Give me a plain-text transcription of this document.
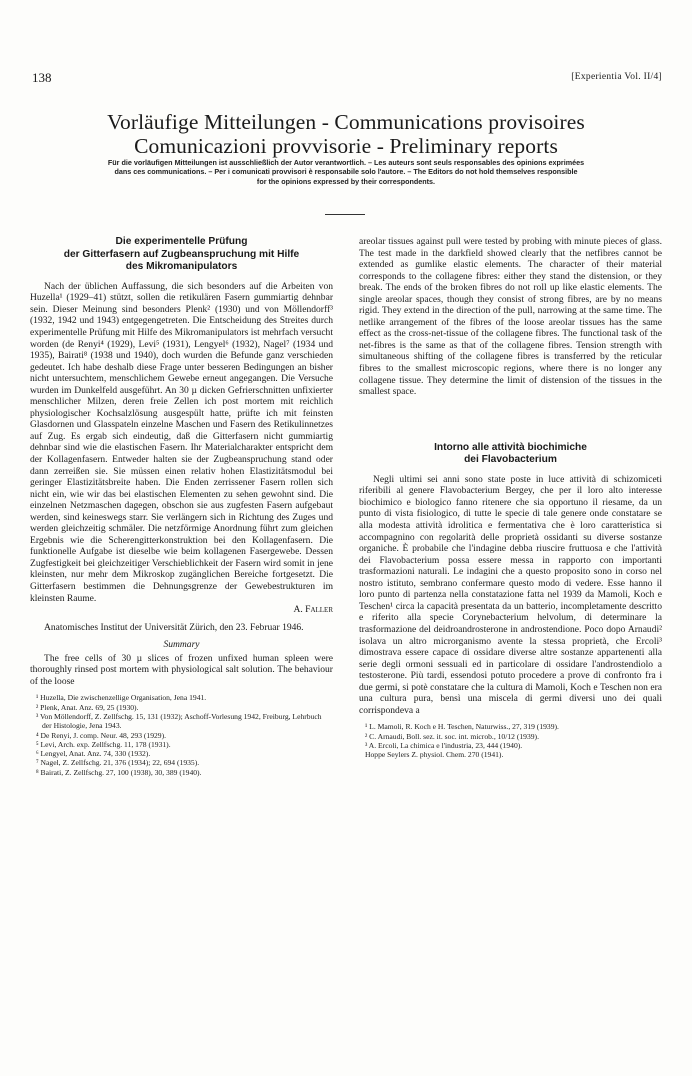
138	[Experientia Vol. II/4]
Vorläufige Mitteilungen - Communications provisoires
Comunicazioni provvisorie - Preliminary reports
Für die vorläufigen Mitteilungen ist ausschließlich der Autor verantwortlich. – Les auteurs sont seuls responsables des opinions exprimées
dans ces communications. – Per i comunicati provvisori è responsabile solo l'autore. – The Editors do not hold themselves responsible
for the opinions expressed by their correspondents.
Die experimentelle Prüfung
der Gitterfasern auf Zugbeanspruchung mit Hilfe
des Mikromanipulators

Nach der üblichen Auffassung, die sich besonders auf die Arbeiten von Huzella¹ (1929–41) stützt, sollen die retikulären Fasern gummiartig dehnbar sein. Dieser Meinung sind besonders Plenk² (1930) und von Möllendorff³ (1932, 1942 und 1943) entgegengetreten. Die Entscheidung des Streites durch experimentelle Prüfung mit Hilfe des Mikromanipulators ist mehrfach versucht worden (de Renyi⁴ (1929), Levi⁵ (1931), Lengyel⁶ (1932), Nagel⁷ (1934 und 1935), Bairati⁸ (1938 und 1940), doch wurden die Befunde ganz verschieden gedeutet. Ich habe deshalb diese Frage unter besseren Bedingungen an bisher nicht untersuchtem, menschlichem Gewebe erneut angegangen. Die Versuche wurden im Dunkelfeld ausgeführt. An 30 µ dicken Gefrierschnitten unfixierter menschlicher Milzen, deren freie Zellen ich post mortem mit reichlich physiologischer Kochsalzlösung ausgespült hatte, prüfte ich mit feinsten Glasdornen und Glasspateln einzelne Maschen und Fasern des Retikulinnetzes auf Zug. Es ergab sich eindeutig, daß die Gitterfasern nicht gummiartig dehnbar sind wie die elastischen Fasern. Ihr Materialcharakter entspricht dem der Kollagenfasern. Entweder halten sie der Zugbeanspruchung stand oder dann zerreißen sie. Sie müssen einen relativ hohen Elastizitätsmodul bei geringer Elastizitätsbreite haben. Die Enden zerrissener Fasern rollen sich nicht ein, wie wir das bei elastischen Elementen zu sehen gewohnt sind. Die einzelnen Netzmaschen dagegen, obschon sie aus zugfesten Fasern aufgebaut werden, sind keineswegs starr. Sie verlängern sich in Richtung des Zuges und werden gleichzeitig schmäler. Die netzförmige Anordnung führt zum gleichen Ergebnis wie die Scherengitterkonstruktion bei den Kollagenfasern. Die funktionelle Aufgabe ist dieselbe wie beim kollagenen Fasergewebe. Dessen Zugfestigkeit bei gleichzeitiger Verschieblichkeit der Fasern wird somit in jene kleinsten, nur mehr dem Mikroskop zugänglichen Bereiche fortgesetzt. Die Gitterfasern bestimmen die Dehnungsgrenze der Gewebestrukturen im kleinsten Raume.

A. Faller

Anatomisches Institut der Universität Zürich, den 23. Februar 1946.

Summary

The free cells of 30 µ slices of frozen unfixed human spleen were thoroughly rinsed post mortem with physiological salt solution. The behaviour of the loose

¹ Huzella, Die zwischenzellige Organisation, Jena 1941.
² Plenk, Anat. Anz. 69, 25 (1930).
³ Von Möllendorff, Z. Zellfschg. 15, 131 (1932); Aschoff-Vorlesung 1942, Freiburg, Lehrbuch der Histologie, Jena 1943.
⁴ De Renyi, J. comp. Neur. 48, 293 (1929).
⁵ Levi, Arch. exp. Zellfschg. 11, 178 (1931).
⁶ Lengyel, Anat. Anz. 74, 330 (1932).
⁷ Nagel, Z. Zellfschg. 21, 376 (1934); 22, 694 (1935).
⁸ Bairati, Z. Zellfschg. 27, 100 (1938), 30, 389 (1940).

areolar tissues against pull were tested by probing with minute pieces of glass. The test made in the darkfield showed clearly that the netfibres cannot be extended as gumlike elastic elements. The character of their material corresponds to the collagene fibres: either they stand the distension, or they break. The ends of the broken fibres do not roll up like elastic elements. The single areolar spaces, though they consist of strong fibres, are by no means rigid. They extend in the direction of the pull, narrowing at the same time. The netlike arrangement of the fibres of the loose areolar tissues has the same effect as the cross-net-tissue of the collagene fibres. The functional task of the net-fibres is the same as that of the collagene fibres. Tension strength with simultaneous shifting of the collagene fibres is transferred by the reticular fibres to the smallest microscopic regions, where there is no longer any collagene tissue. They determine the limit of distension of the tissues in the smallest space.

Intorno alle attività biochimiche
dei Flavobacterium

Negli ultimi sei anni sono state poste in luce attività di schizomiceti riferibili al genere Flavobacterium Bergey, che per il loro alto interesse biochimico e biologico fanno ritenere che sia opportuno il riesame, da un punto di vista fisiologico, di tutte le specie di tale genere onde constatare se alla modesta attività idrolitica e fermentativa che è loro caratteristica si accompagnino con regolarità delle proprietà ossidanti su diverse sostanze organiche. È probabile che l'indagine debba riuscire fruttuosa e che l'attività dei Flavobacterium possa essere messa in rapporto con importanti trasformazioni naturali. Le indagini che a questo proposito sono in corso nel nostro istituto, sembrano confermare questo modo di vedere. Esse hanno il loro punto di partenza nella constatazione fatta nel 1939 da Mamoli, Koch e Teschen¹ circa la capacità presentata da un batterio, incompletamente descritto e riferito alla specie Corynebacterium helvolum, di determinare la trasformazione del deidroandrosterone in androstendione. Poco dopo Arnaudi² isolava un altro microrganismo avente la stessa proprietà, che Ercoli³ dimostrava essere capace di ossidare diverse altre sostanze appartenenti alla serie degli ormoni sessuali ed in particolare di ossidare l'androstendiolo a testosterone. Più tardi, essendosi potuto procedere a prove di confronto fra i due germi, si potè constatare che la cultura di Mamoli, Koch e Teschen non era una cultura pura, bensì una miscela di germi diversi uno dei quali corrispondeva a

¹ L. Mamoli, R. Koch e H. Teschen, Naturwiss., 27, 319 (1939).
² C. Arnaudi, Boll. sez. it. soc. int. microb., 10/12 (1939).
³ A. Ercoli, La chimica e l'industria, 23, 444 (1940).
Hoppe Seylers Z. physiol. Chem. 270 (1941).
